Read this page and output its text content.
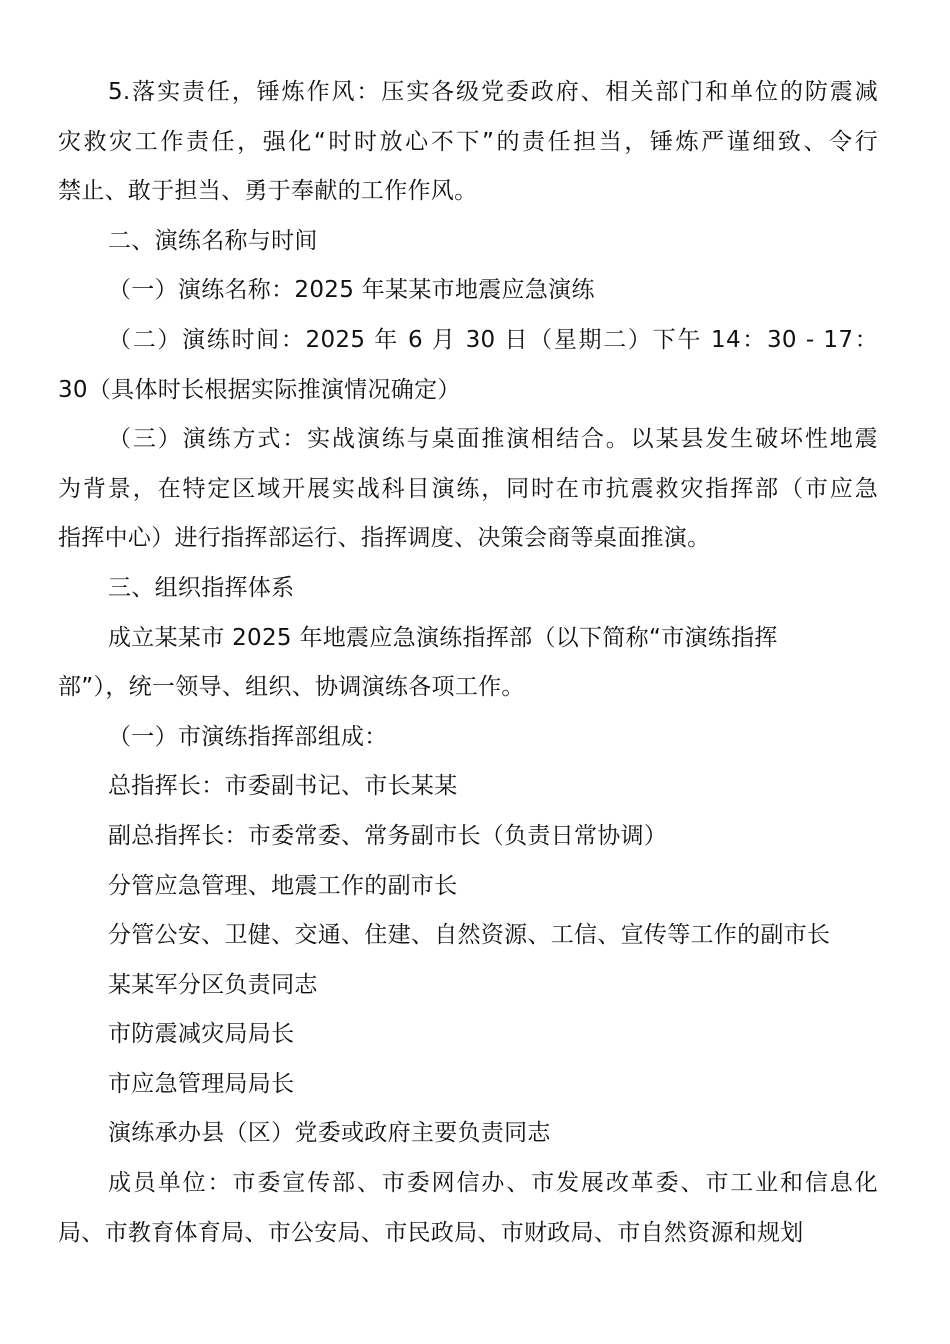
5.落实责任，锤炼作风：压实各级党委政府、相关部门和单位的防震减
灾救灾工作责任，强化“时时放心不下”的责任担当，锤炼严谨细致、令行
禁止、敢于担当、勇于奉献的工作作风。

二、演练名称与时间

（一）演练名称：2025 年某某市地震应急演练

（二）演练时间：2025 年 6 月 30 日（星期二）下午 14：30 - 17：
30（具体时长根据实际推演情况确定）

（三）演练方式：实战演练与桌面推演相结合。以某县发生破坏性地震
为背景，在特定区域开展实战科目演练，同时在市抗震救灾指挥部（市应急
指挥中心）进行指挥部运行、指挥调度、决策会商等桌面推演。

三、组织指挥体系

成立某某市 2025 年地震应急演练指挥部（以下简称“市演练指挥
部”），统一领导、组织、协调演练各项工作。

（一）市演练指挥部组成：

总指挥长：市委副书记、市长某某

副总指挥长：市委常委、常务副市长（负责日常协调）

分管应急管理、地震工作的副市长

分管公安、卫健、交通、住建、自然资源、工信、宣传等工作的副市长

某某军分区负责同志

市防震减灾局局长

市应急管理局局长

演练承办县（区）党委或政府主要负责同志

成员单位：市委宣传部、市委网信办、市发展改革委、市工业和信息化
局、市教育体育局、市公安局、市民政局、市财政局、市自然资源和规划
